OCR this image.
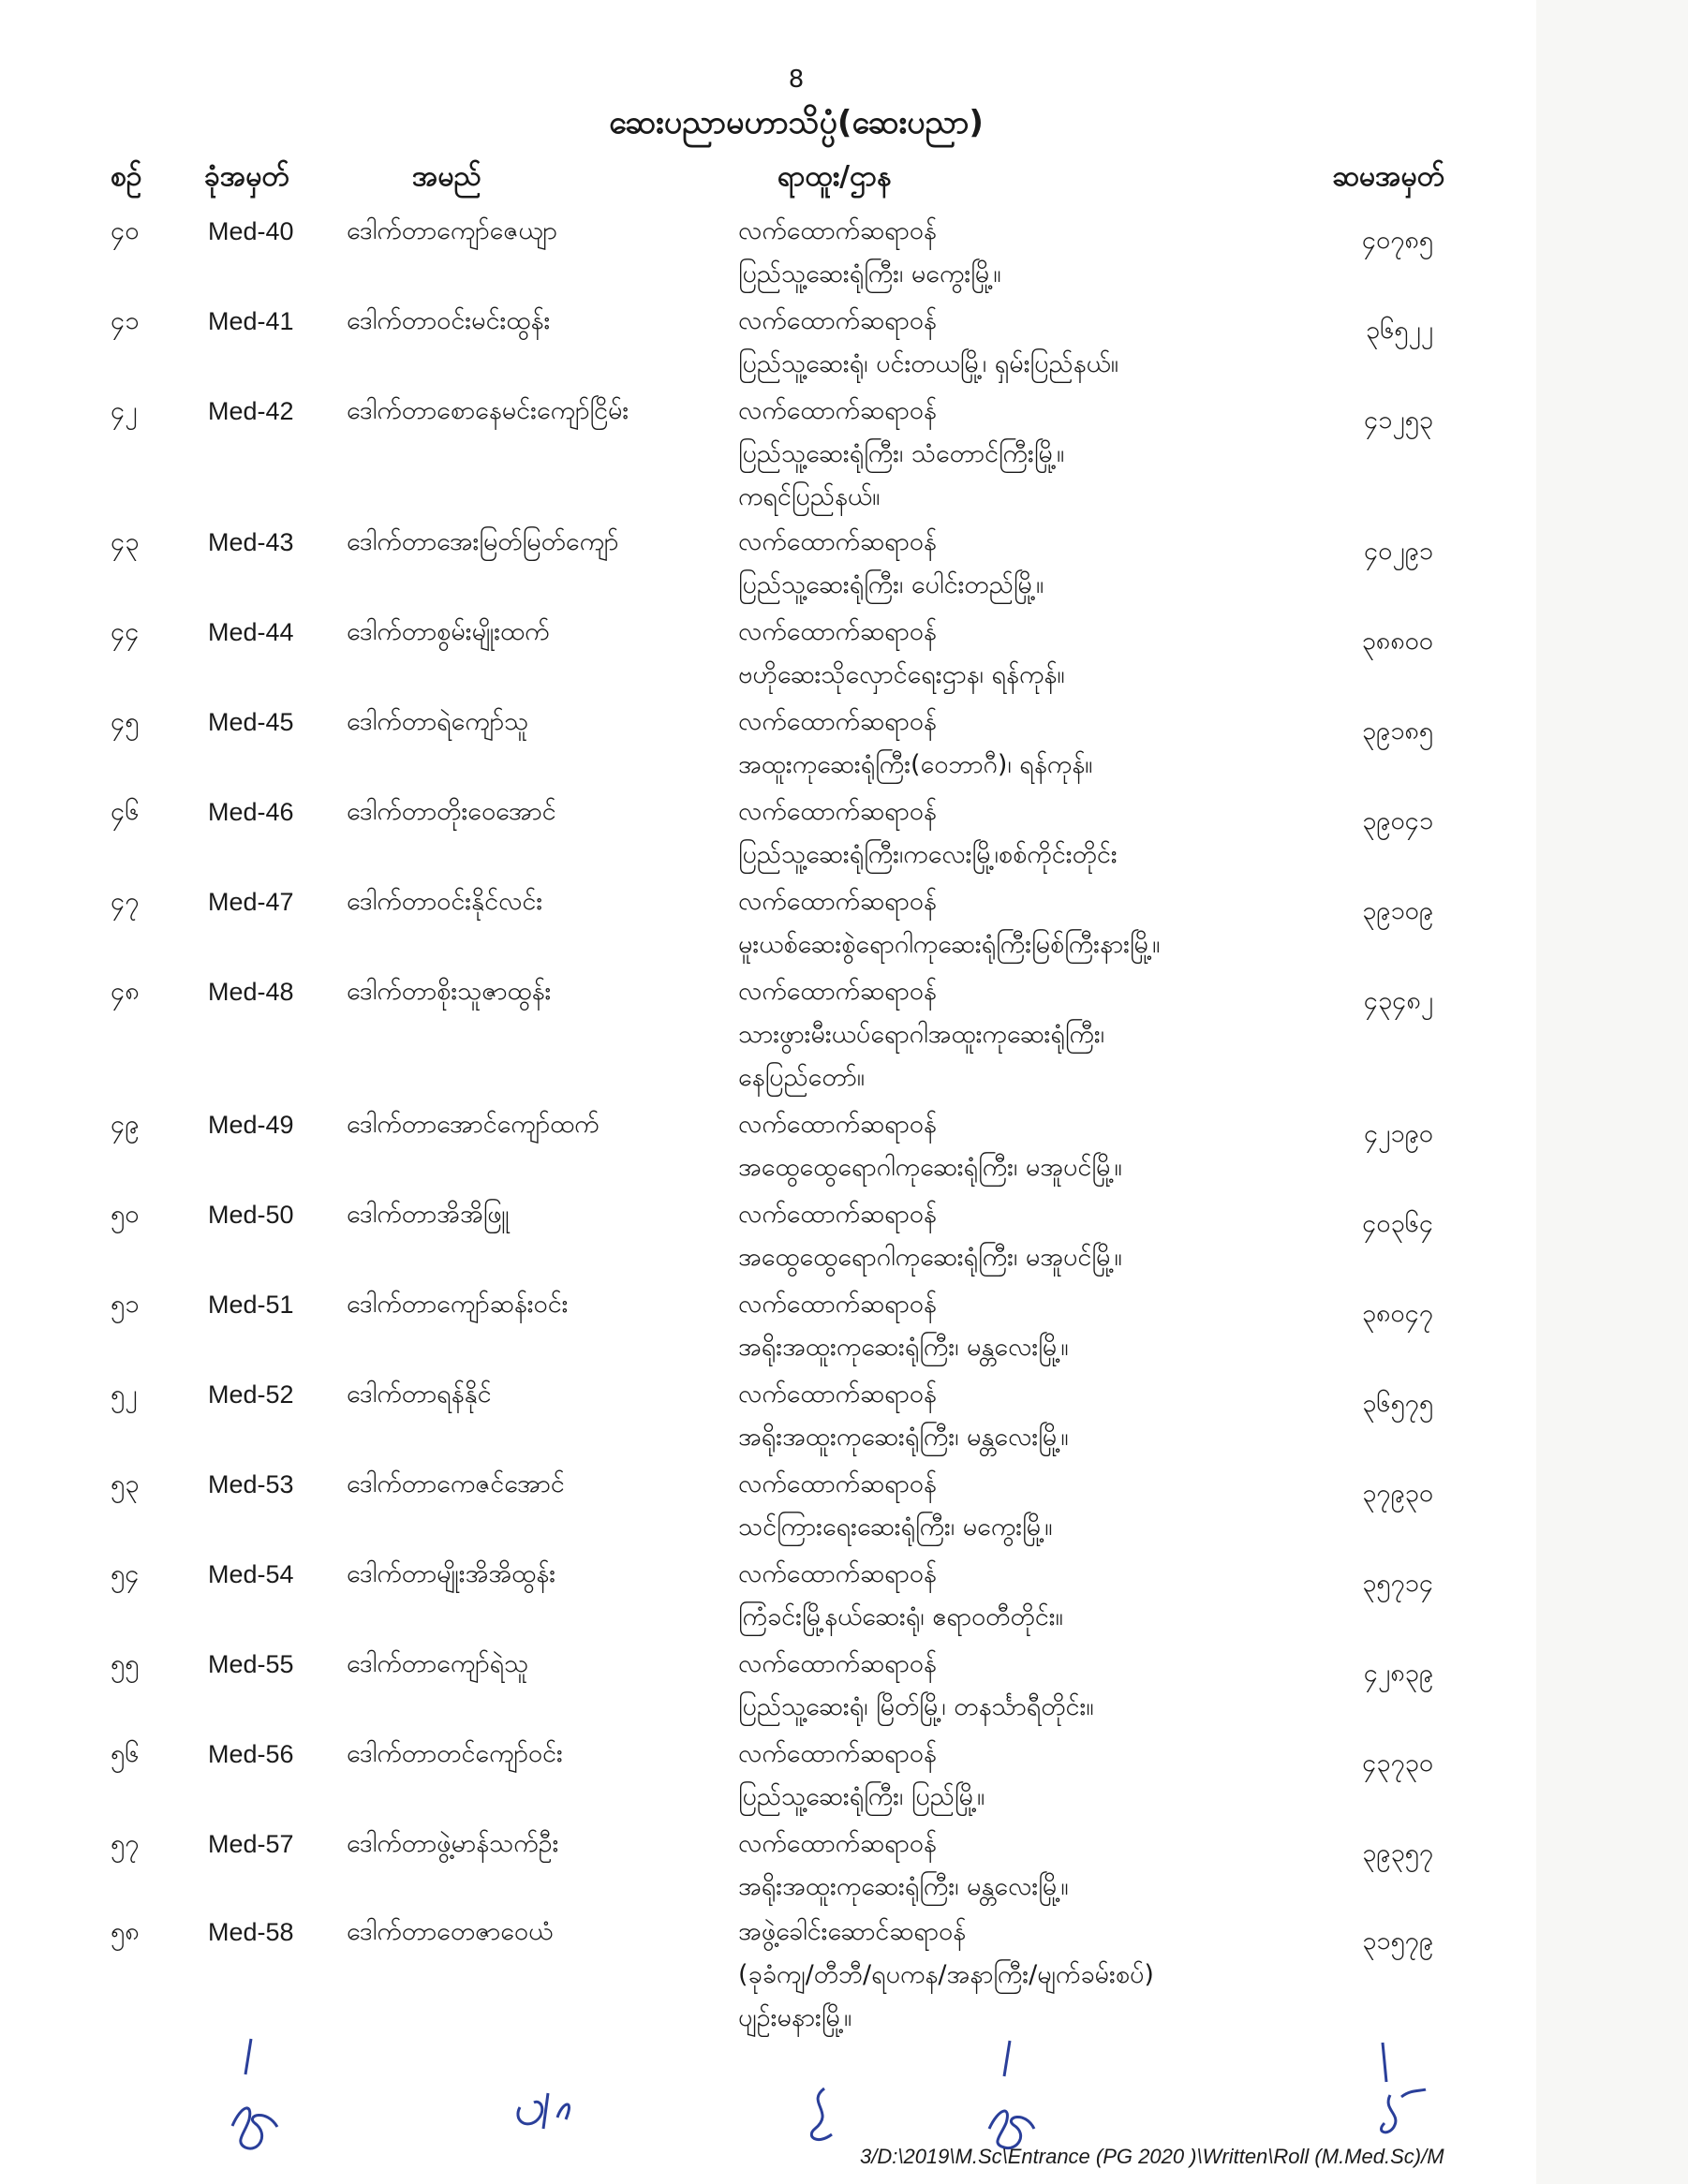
8
ဆေးပညာမဟာသိပ္ပံ(ဆေးပညာ)
စဉ် ခုံအမှတ်	အမည်	ရာထူး/ဌာန	ဆမအမှတ်
၄၀	Med-40 ဒေါက်တာကျော်ဇေယျာ	လက်ထောက်ဆရာဝန်
ပြည်သူ့ဆေးရုံကြီး၊ မကွေးမြို့။
၄၀၇၈၅
၄၁	Med-41 ဒေါက်တာဝင်းမင်းထွန်း	လက်ထောက်ဆရာဝန်
ပြည်သူ့ဆေးရုံ၊ ပင်းတယမြို့၊ ရှမ်းပြည်နယ်။
၃၆၅၂၂
၄၂	Med-42 ဒေါက်တာစောနေမင်းကျော်ငြိမ်း	လက်ထောက်ဆရာဝန်
ပြည်သူ့ဆေးရုံကြီး၊ သံတောင်ကြီးမြို့။
ကရင်ပြည်နယ်။
၄၁၂၅၃
၄၃	Med-43 ဒေါက်တာအေးမြတ်မြတ်ကျော်	လက်ထောက်ဆရာဝန်
ပြည်သူ့ဆေးရုံကြီး၊ ပေါင်းတည်မြို့။
၄၀၂၉၁
၄၄	Med-44 ဒေါက်တာစွမ်းမျိုးထက်	လက်ထောက်ဆရာဝန်
ဗဟိုဆေးသိုလှောင်ရေးဌာန၊ ရန်ကုန်။
၃၈၈၀၀
၄၅	Med-45 ဒေါက်တာရဲကျော်သူ	လက်ထောက်ဆရာဝန်
အထူးကုဆေးရုံကြီး(ဝေဘာဂီ)၊ ရန်ကုန်။
၃၉၁၈၅
၄၆	Med-46 ဒေါက်တာတိုးဝေအောင်	လက်ထောက်ဆရာဝန်
ပြည်သူ့ဆေးရုံကြီး၊ကလေးမြို့၊စစ်ကိုင်းတိုင်း
၃၉၀၄၁
၄၇	Med-47 ဒေါက်တာဝင်းနိုင်လင်း	လက်ထောက်ဆရာဝန်
မူးယစ်ဆေးစွဲရောဂါကုဆေးရုံကြီးမြစ်ကြီးနားမြို့။
၃၉၁၀၉
၄၈	Med-48 ဒေါက်တာစိုးသူဇာထွန်း	လက်ထောက်ဆရာဝန်
သားဖွားမီးယပ်ရောဂါအထူးကုဆေးရုံကြီး၊
နေပြည်တော်။
၄၃၄၈၂
၄၉	Med-49 ဒေါက်တာအောင်ကျော်ထက်	လက်ထောက်ဆရာဝန်
အထွေထွေရောဂါကုဆေးရုံကြီး၊ မအူပင်မြို့။
၄၂၁၉၀
၅၀	Med-50 ဒေါက်တာအိအိဖြူ	လက်ထောက်ဆရာဝန်
အထွေထွေရောဂါကုဆေးရုံကြီး၊ မအူပင်မြို့။
၄၀၃၆၄
၅၁	Med-51 ဒေါက်တာကျော်ဆန်းဝင်း	လက်ထောက်ဆရာဝန်
အရိုးအထူးကုဆေးရုံကြီး၊ မန္တလေးမြို့။
၃၈၀၄၇
၅၂	Med-52 ဒေါက်တာရန်နိုင်	လက်ထောက်ဆရာဝန်
အရိုးအထူးကုဆေးရုံကြီး၊ မန္တလေးမြို့။
၃၆၅၇၅
၅၃	Med-53 ဒေါက်တာကေဇင်အောင်	လက်ထောက်ဆရာဝန်
သင်ကြားရေးဆေးရုံကြီး၊ မကွေးမြို့။
၃၇၉၃၀
၅၄	Med-54 ဒေါက်တာမျိုးအိအိထွန်း	လက်ထောက်ဆရာဝန်
ကြံခင်းမြို့နယ်ဆေးရုံ၊ ဧရာဝတီတိုင်း။
၃၅၇၁၄
၅၅	Med-55 ဒေါက်တာကျော်ရဲသူ	လက်ထောက်ဆရာဝန်
ပြည်သူ့ဆေးရုံ၊ မြိတ်မြို့၊ တနင်္သာရီတိုင်း။
၄၂၈၃၉
၅၆	Med-56 ဒေါက်တာတင်ကျော်ဝင်း	လက်ထောက်ဆရာဝန်
ပြည်သူ့ဆေးရုံကြီး၊ ပြည်မြို့။
၄၃၇၃၀
၅၇	Med-57 ဒေါက်တာဖွဲ့မာန်သက်ဦး	လက်ထောက်ဆရာဝန်
အရိုးအထူးကုဆေးရုံကြီး၊ မန္တလေးမြို့။
၃၉၃၅၇
၅၈	Med-58 ဒေါက်တာတေဇာဝေယံ	အဖွဲ့ခေါင်းဆောင်ဆရာဝန်
(ခုခံကျ/တီဘီ/ရပကန/အနာကြီး/မျက်ခမ်းစပ်)
ပျဉ်းမနားမြို့။
၃၁၅၇၉
3/D:\2019\M.Sc\Entrance (PG 2020 )\Written\Roll (M.Med.Sc)/M
